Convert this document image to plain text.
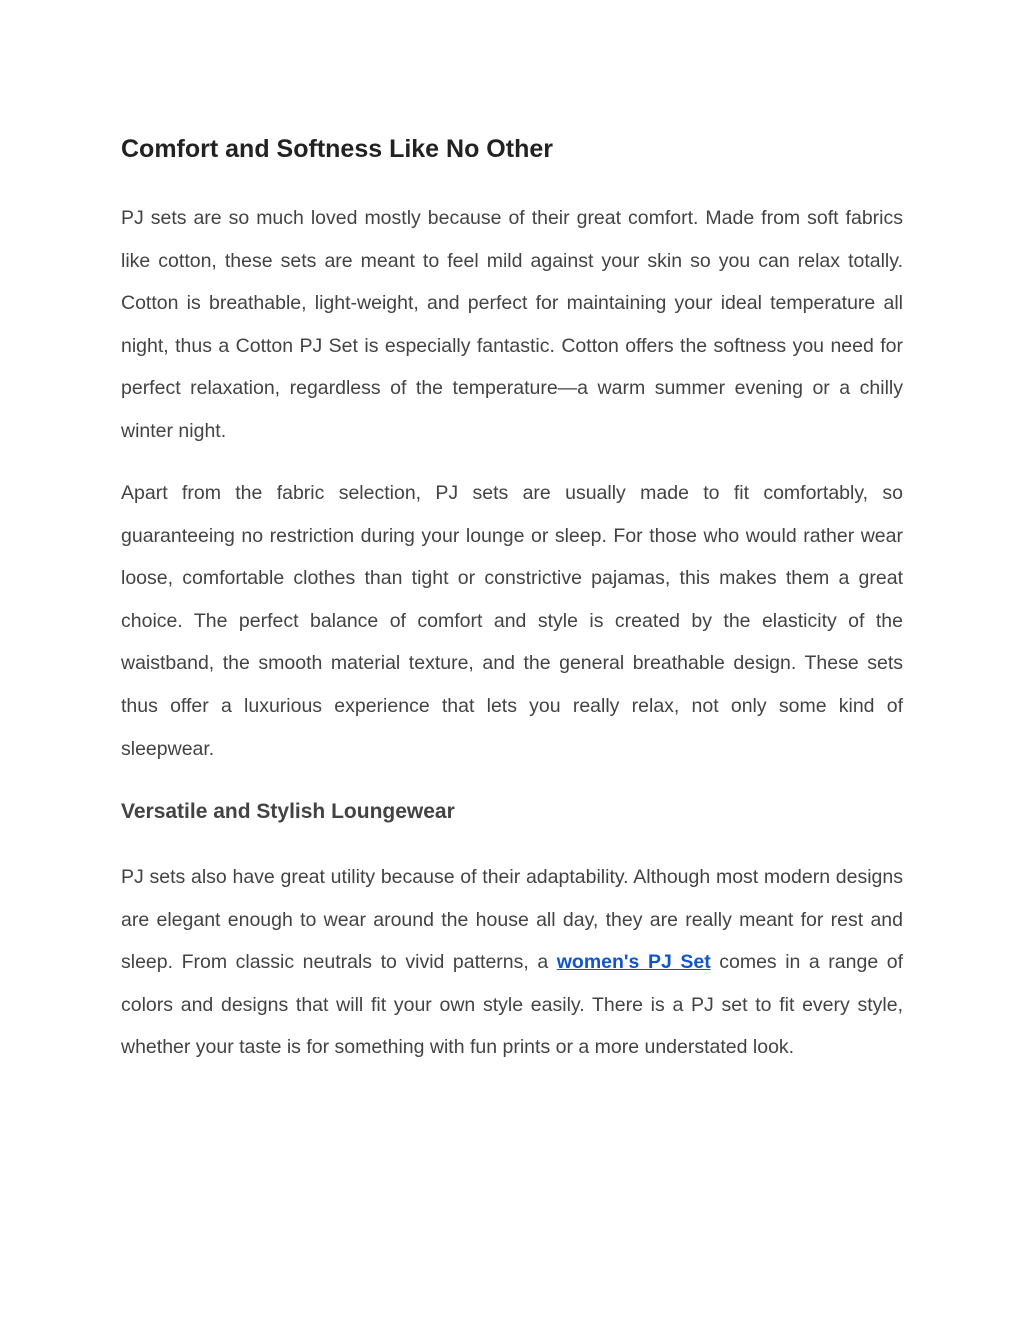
Comfort and Softness Like No Other

PJ sets are so much loved mostly because of their great comfort. Made from soft fabrics like cotton, these sets are meant to feel mild against your skin so you can relax totally. Cotton is breathable, light-weight, and perfect for maintaining your ideal temperature all night, thus a Cotton PJ Set is especially fantastic. Cotton offers the softness you need for perfect relaxation, regardless of the temperature—a warm summer evening or a chilly winter night.

Apart from the fabric selection, PJ sets are usually made to fit comfortably, so guaranteeing no restriction during your lounge or sleep. For those who would rather wear loose, comfortable clothes than tight or constrictive pajamas, this makes them a great choice. The perfect balance of comfort and style is created by the elasticity of the waistband, the smooth material texture, and the general breathable design. These sets thus offer a luxurious experience that lets you really relax, not only some kind of sleepwear.

Versatile and Stylish Loungewear

PJ sets also have great utility because of their adaptability. Although most modern designs are elegant enough to wear around the house all day, they are really meant for rest and sleep. From classic neutrals to vivid patterns, a women's PJ Set comes in a range of colors and designs that will fit your own style easily. There is a PJ set to fit every style, whether your taste is for something with fun prints or a more understated look.
